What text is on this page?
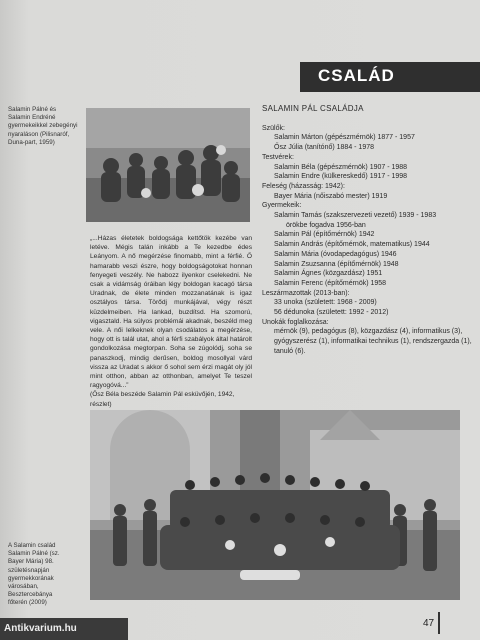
CSALÁD
Salamin Pálné és Salamin Endréné gyermekeikkel zebegényi nyaraláson (Pilisnaróf, Duna-part, 1959)
„...Házas életetek boldogsága kettőtök kezébe van letéve. Mégis talán inkább a Te kezedbe édes Leányom. A nő megérzése finomabb, mint a férfié. Ő hamarabb veszi észre, hogy boldogságotokat honnan fenyegeti veszély. Ne habozz ilyenkor cselekedni. Ne csak a vidámság óráiban légy boldogan kacagó társa Uradnak, de élete minden mozzanatának is igaz osztályos társa. Törődj munkájával, végy részt küzdelmeiben. Ha lankad, buzdítsd. Ha szomorú, vigasztald. Ha súlyos problémái akadnak, beszéld meg vele. A női lelkeknek olyan csodálatos a megérzése, hogy ott is talál utat, ahol a férfi szabályok által határolt gondolkozása megtorpan. Soha se zúgolódj, soha se panaszkodj, mindig derűsen, boldog mosollyal várd vissza az Uradat s akkor ő sohol sem érzi magát oly jól mint otthon, abban az otthonban, amelyet Te teszel ragyogóvá...”
(Ősz Béla beszéde Salamin Pál esküvőjén, 1942, részlet)
SALAMIN PÁL CSALÁDJA
Szülők:
Salamin Márton (gépészmérnök) 1877 - 1957
Ősz Júlia (tanítónő) 1884 - 1978
Testvérek:
Salamin Béla (gépészmérnök) 1907 - 1988
Salamin Endre (külkereskedő) 1917 - 1998
Feleség (házasság: 1942):
Bayer Mária (nőiszabó mester) 1919
Gyermekeik:
Salamin Tamás (szakszervezeti vezető) 1939 - 1983
örökbe fogadva 1956-ban
Salamin Pál (építőmérnök) 1942
Salamin András (építőmérnök, matematikus) 1944
Salamin Mária (óvodapedagógus) 1946
Salamin Zsuzsanna (építőmérnök) 1948
Salamin Ágnes (közgazdász) 1951
Salamin Ferenc (építőmérnök) 1958
Leszármazottak (2013-ban):
33 unoka (született: 1968 - 2009)
56 dédunoka (született: 1992 - 2012)
Unokák foglalkozása:
mérnök (9), pedagógus (8), közgazdász (4), informatikus (3), gyógyszerész (1), informatikai technikus (1), rendszergazda (1), tanuló (6).
A Salamin család Salamin Pálné (sz. Bayer Mária) 98. születésnapján gyermekkorának városában, Besztercebánya főterén (2009)
47
Antikvarium.hu
